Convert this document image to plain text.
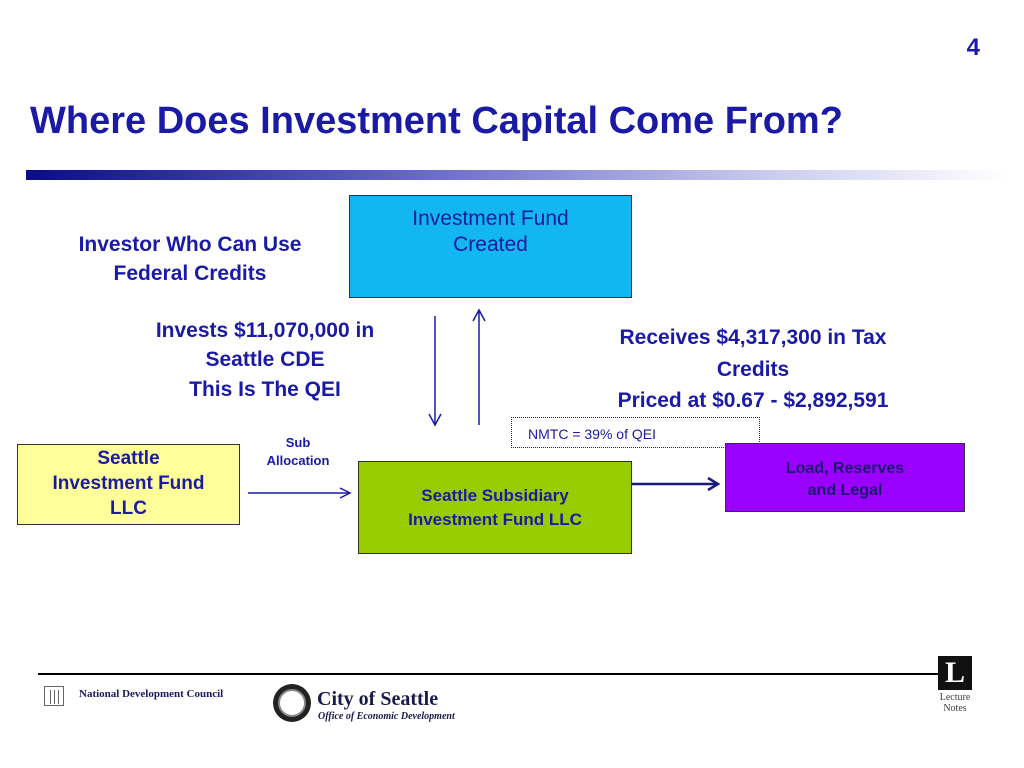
4
Where Does Investment Capital Come From?
Investment Fund
Created
Investor Who Can Use
Federal Credits
Invests $11,070,000 in
Seattle CDE
This Is The QEI
Receives $4,317,300 in Tax
Credits
Priced at $0.67 - $2,892,591
NMTC = 39% of QEI
Sub
Allocation
Seattle
Investment Fund
LLC
Seattle Subsidiary
Investment Fund LLC
Load, Reserves
and Legal
National Development Council	City of Seattle
Office of Economic Development
L
Lecture
Notes
